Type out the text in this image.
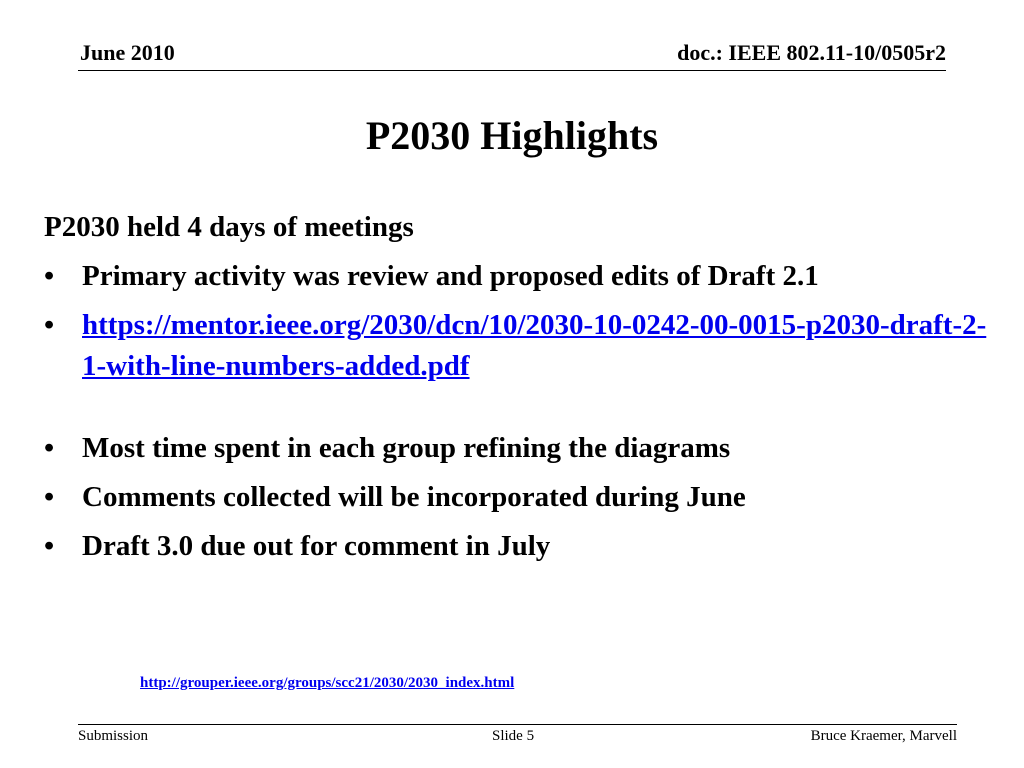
June 2010	doc.: IEEE 802.11-10/0505r2
P2030 Highlights
P2030 held 4 days of meetings
• Primary activity was review and proposed edits of Draft 2.1
• https://mentor.ieee.org/2030/dcn/10/2030-10-0242-00-0015-p2030-draft-2-1-with-line-numbers-added.pdf
• Most time spent in each group refining the diagrams
• Comments collected will be incorporated during June
• Draft 3.0 due out for comment in July
http://grouper.ieee.org/groups/scc21/2030/2030_index.html
Submission	Slide 5	Bruce Kraemer, Marvell
